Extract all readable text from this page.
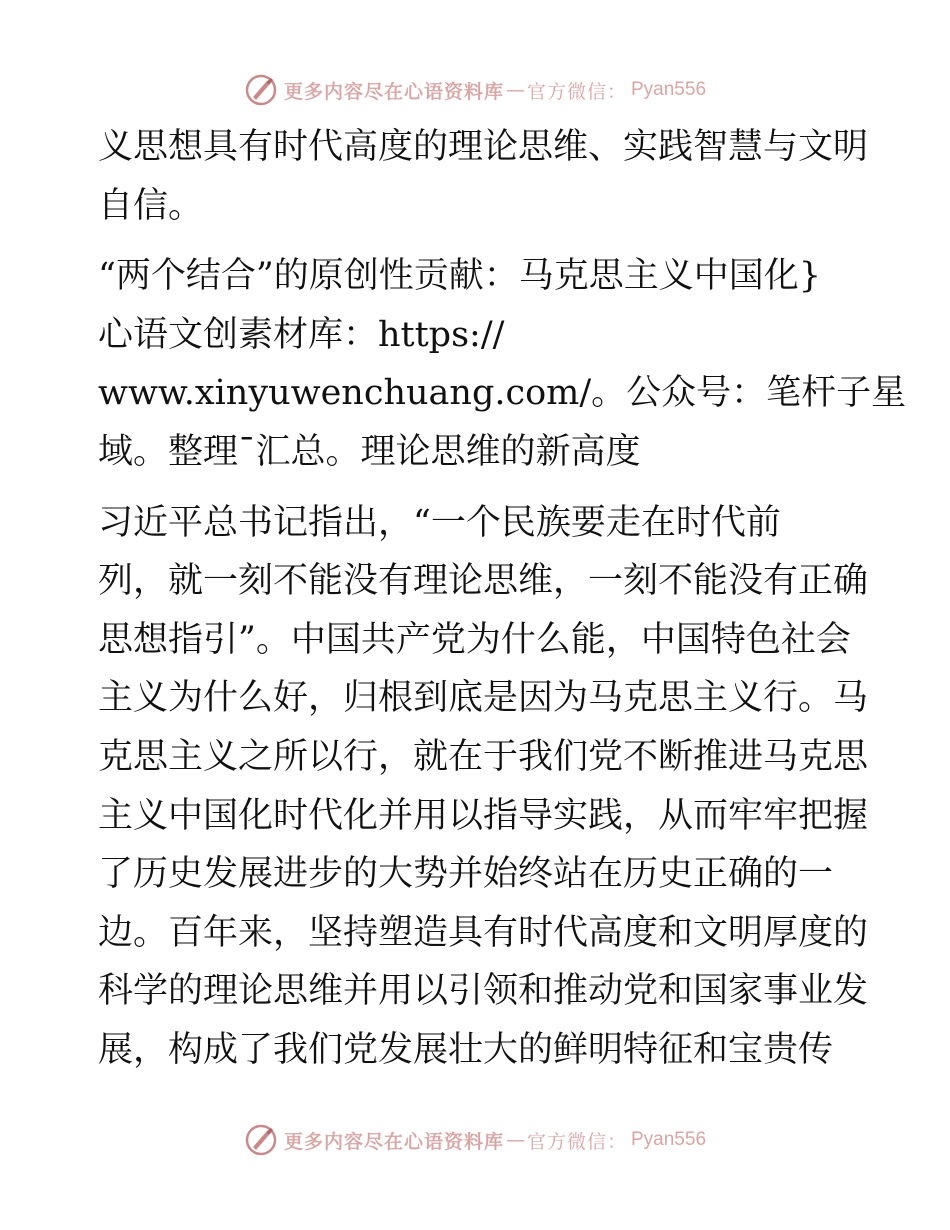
更多内容尽在心语资料库 — 官方微信： Pyan556
义思想具有时代高度的理论思维、实践智慧与文明
自信。
“两个结合”的原创性贡献：马克思主义中国化}
心语文创素材库：https://
www.xinyuwenchuang.com/。公众号：笔杆子星
域。整理¯汇总。理论思维的新高度
习近平总书记指出，“一个民族要走在时代前
列，就一刻不能没有理论思维，一刻不能没有正确
思想指引”。中国共产党为什么能，中国特色社会
主义为什么好，归根到底是因为马克思主义行。马
克思主义之所以行，就在于我们党不断推进马克思
主义中国化时代化并用以指导实践，从而牢牢把握
了历史发展进步的大势并始终站在历史正确的一
边。百年来，坚持塑造具有时代高度和文明厚度的
科学的理论思维并用以引领和推动党和国家事业发
展，构成了我们党发展壮大的鲜明特征和宝贵传
更多内容尽在心语资料库 — 官方微信： Pyan556
